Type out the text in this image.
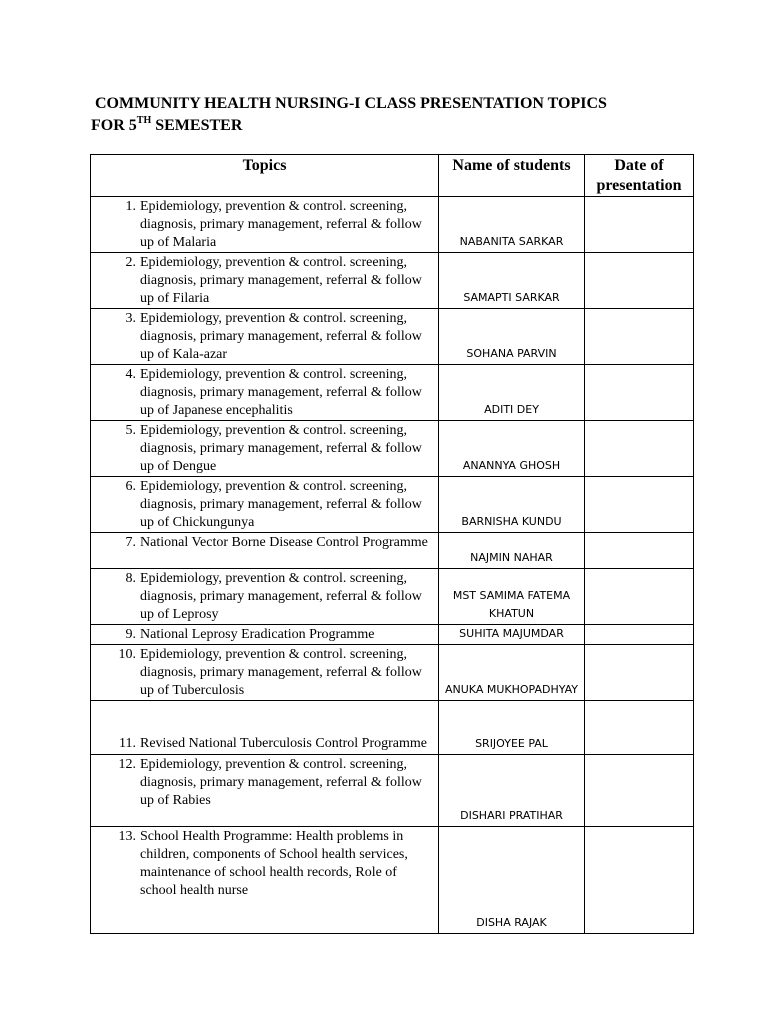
COMMUNITY HEALTH NURSING-I CLASS PRESENTATION TOPICS
FOR 5TH SEMESTER
Topics	Name of students	Date of presentation

1. Epidemiology, prevention & control. screening, diagnosis, primary management, referral & follow up of Malaria	NABANITA SARKAR	

2. Epidemiology, prevention & control. screening, diagnosis, primary management, referral & follow up of Filaria	SAMAPTI SARKAR	

3. Epidemiology, prevention & control. screening, diagnosis, primary management, referral & follow up of Kala-azar	SOHANA PARVIN	

4. Epidemiology, prevention & control. screening, diagnosis, primary management, referral & follow up of Japanese encephalitis	ADITI DEY	

5. Epidemiology, prevention & control. screening, diagnosis, primary management, referral & follow up of Dengue	ANANNYA GHOSH	

6. Epidemiology, prevention & control. screening, diagnosis, primary management, referral & follow up of Chickungunya	BARNISHA KUNDU	

7. National Vector Borne Disease Control Programme	NAJMIN NAHAR	

8. Epidemiology, prevention & control. screening, diagnosis, primary management, referral & follow up of Leprosy	MST SAMIMA FATEMA KHATUN	

9. National Leprosy Eradication Programme	SUHITA MAJUMDAR	

10. Epidemiology, prevention & control. screening, diagnosis, primary management, referral & follow up of Tuberculosis	ANUKA MUKHOPADHYAY	

11. Revised National Tuberculosis Control Programme	SRIJOYEE PAL	

12. Epidemiology, prevention & control. screening, diagnosis, primary management, referral & follow up of Rabies	DISHARI PRATIHAR	

13. School Health Programme: Health problems in children, components of School health services, maintenance of school health records, Role of school health nurse	DISHA RAJAK	
